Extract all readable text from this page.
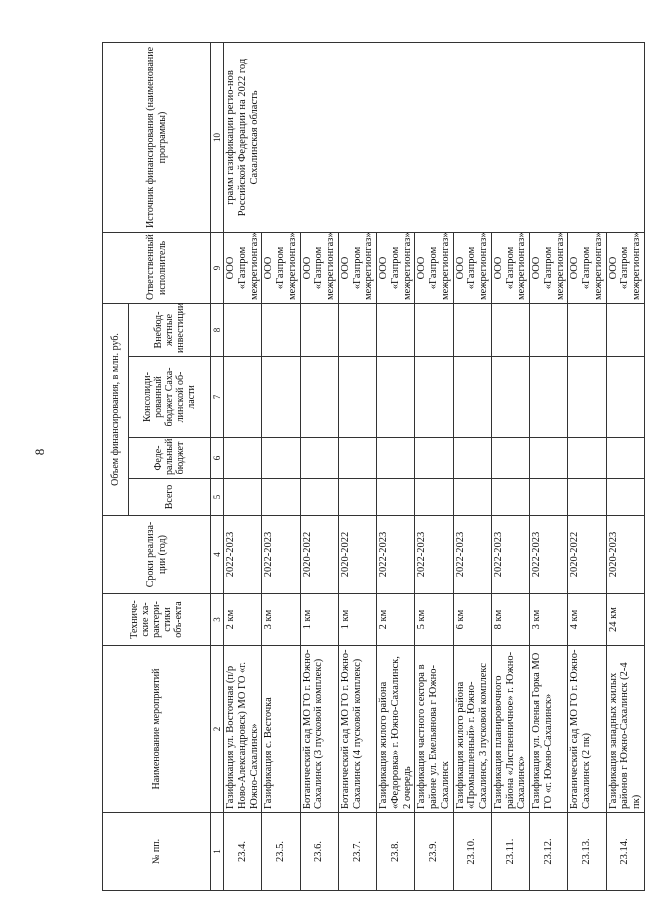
8
№ пп.	Наименование мероприятий	Техниче-ские ха-рактери-стики объ-екта	Сроки реализа-ции (год)	Объем финансирования, в млн. руб.				Ответственный исполнитель	Источник финансирования (наименование программы)
				Всего	Феде-ральный бюджет	Консолиди-рованный бюджет Саха-линской об-ласти	Внебюд-жетные инвестиции		
1	2	3	4	5	6	7	8	9	10
23.4.	Газификация ул. Восточная (п/р Ново-Александровск) МО ГО «г. Южно-Сахалинск»	2 км	2022-2023					ООО «Газпром межрегионгаз»	грамм газификации регио-нов Российской Федерации на 2022 год Сахалинская область
23.5.	Газификация с. Весточка	3 км	2022-2023					ООО «Газпром межрегионгаз»	
23.6.	Ботанический сад МО ГО г. Южно-Сахалинск (3 пусковой комплекс)	1 км	2020-2022					ООО «Газпром межрегионгаз»	
23.7.	Ботанический сад МО ГО г. Южно-Сахалинск (4 пусковой комплекс)	1 км	2020-2022					ООО «Газпром межрегионгаз»	
23.8.	Газификация жилого района «Федоровка» г. Южно-Сахалинск, 2 очередь	2 км	2022-2023					ООО «Газпром межрегионгаз»	
23.9.	Газификация частного сектора в районе ул. Емельянова г Южно-Сахалинск	5 км	2022-2023					ООО «Газпром межрегионгаз»	
23.10.	Газификация жилого района «Промышленный» г. Южно-Сахалинск, 3 пусковой комплекс	6 км	2022-2023					ООО «Газпром межрегионгаз»	
23.11.	Газификация планировочного района «Лиственничное» г. Южно-Сахалинск»	8 км	2022-2023					ООО «Газпром межрегионгаз»	
23.12.	Газификация ул. Оленья Горка МО ГО «г. Южно-Сахалинск»	3 км	2022-2023					ООО «Газпром межрегионгаз»	
23.13.	Ботанический сад МО ГО г. Южно-Сахалинск (2 пк)	4 км	2020-2022					ООО «Газпром межрегионгаз»	
23.14.	Газификация западных жилых районов г Южно-Сахалинск (2-4 пк)	24 км	2020-2023					ООО «Газпром межрегионгаз»	
